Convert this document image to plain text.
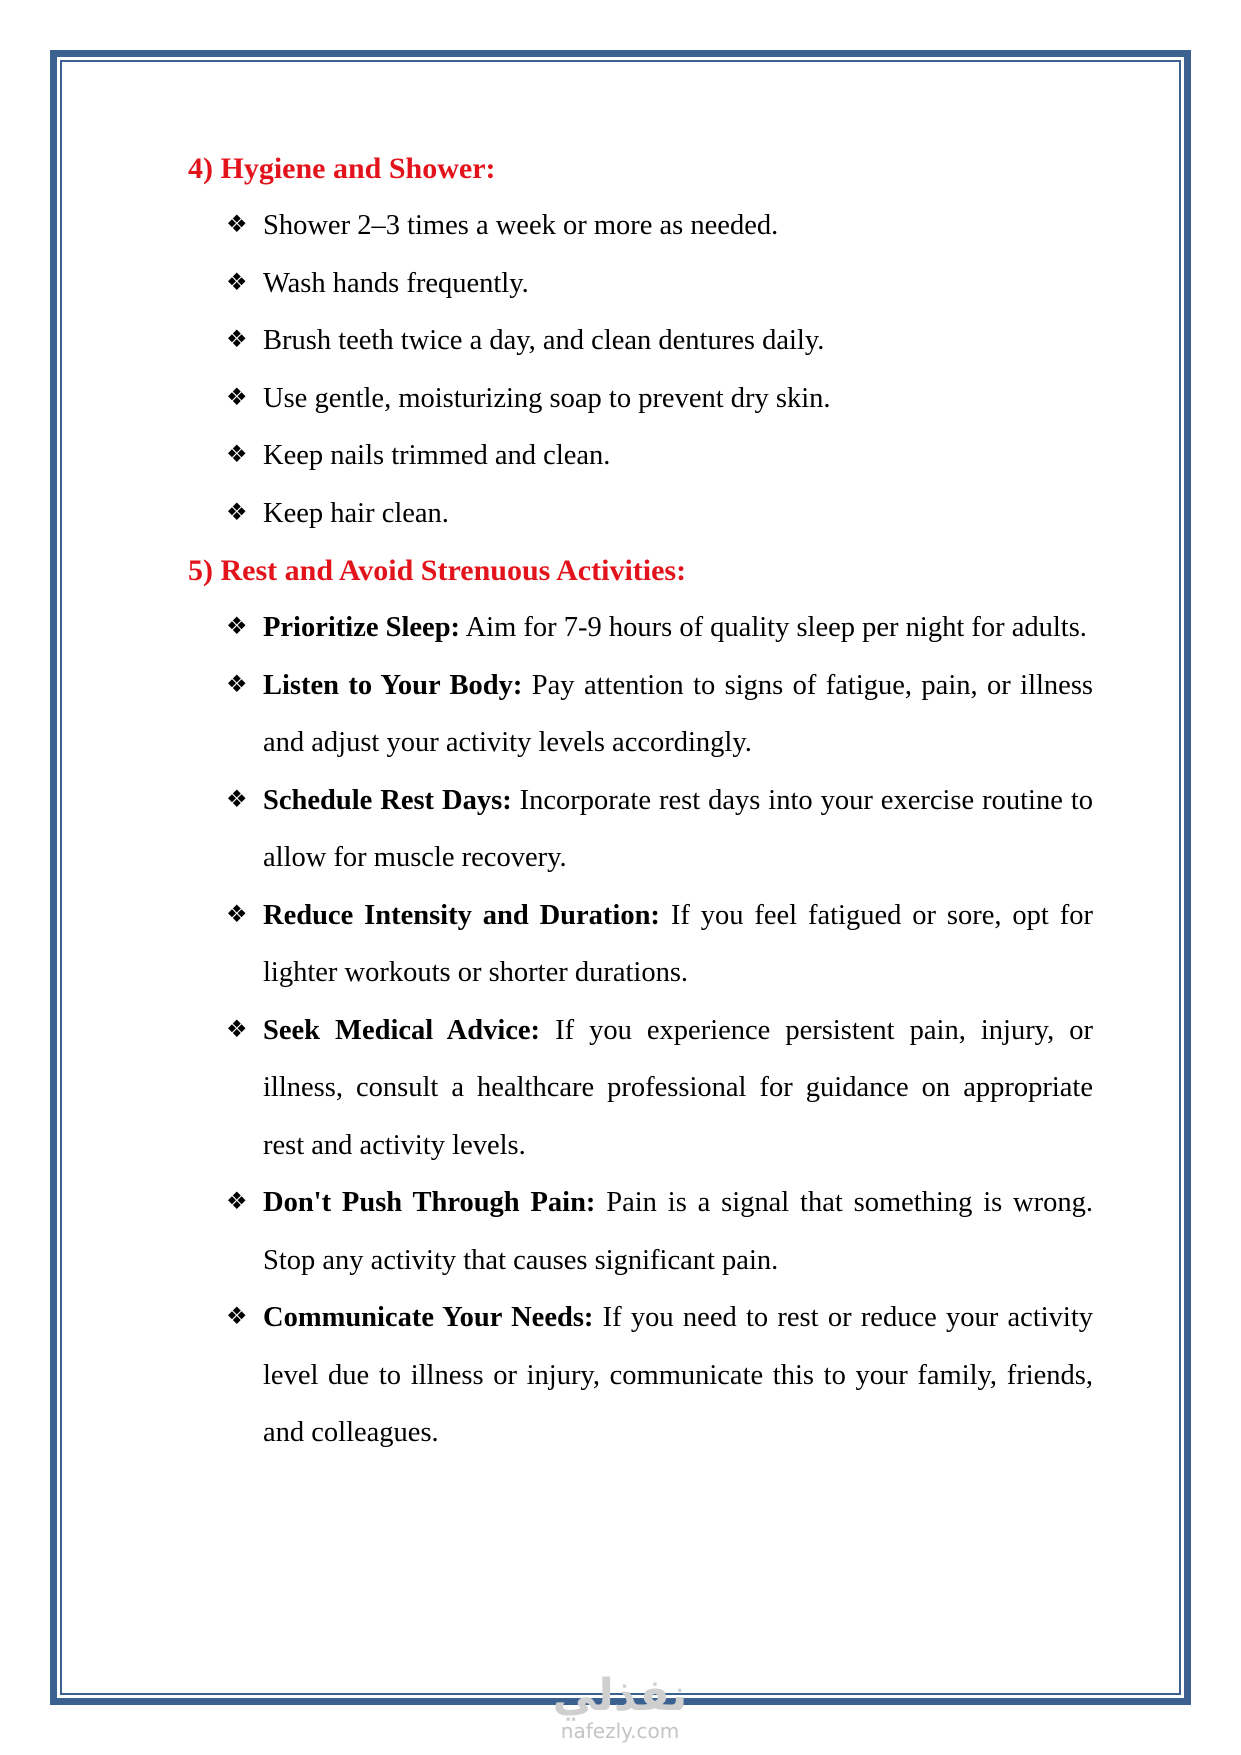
4) Hygiene and Shower:
❖ Shower 2–3 times a week or more as needed.
❖ Wash hands frequently.
❖ Brush teeth twice a day, and clean dentures daily.
❖ Use gentle, moisturizing soap to prevent dry skin.
❖ Keep nails trimmed and clean.
❖ Keep hair clean.
5) Rest and Avoid Strenuous Activities:
❖ Prioritize Sleep: Aim for 7-9 hours of quality sleep per night for adults.
❖ Listen to Your Body: Pay attention to signs of fatigue, pain, or illness and adjust your activity levels accordingly.
❖ Schedule Rest Days: Incorporate rest days into your exercise routine to allow for muscle recovery.
❖ Reduce Intensity and Duration: If you feel fatigued or sore, opt for lighter workouts or shorter durations.
❖ Seek Medical Advice: If you experience persistent pain, injury, or illness, consult a healthcare professional for guidance on appropriate rest and activity levels.
❖ Don't Push Through Pain: Pain is a signal that something is wrong. Stop any activity that causes significant pain.
❖ Communicate Your Needs: If you need to rest or reduce your activity level due to illness or injury, communicate this to your family, friends, and colleagues.
نفذلي
nafezly.com
